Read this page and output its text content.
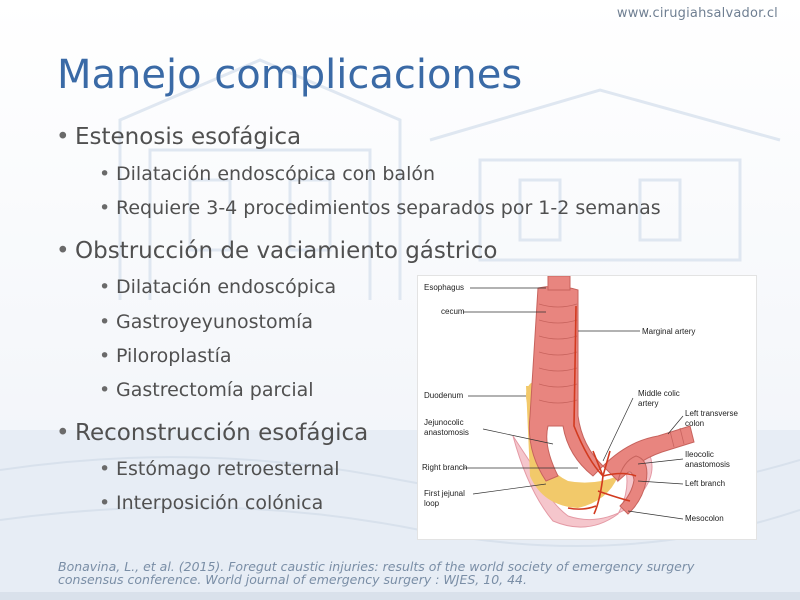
www.cirugiahsalvador.cl
Manejo complicaciones
• Estenosis esofágica
• Dilatación endoscópica con balón
• Requiere 3-4 procedimientos separados por 1-2 semanas
• Obstrucción de vaciamiento gástrico
• Dilatación endoscópica
• Gastroyeyunostomía
• Piloroplastía
• Gastrectomía parcial
• Reconstrucción esofágica
• Estómago retroesternal
• Interposición colónica
Esophagus
cecum
Marginal artery
Duodenum	Middle colic
artery
Jejunocolic
anastomosis
Left transverse
colon
Ileocolic
anastomosis
Right branch
Left branch
First jejunal
loop
Mesocolon
Bonavina, L., et al. (2015). Foregut caustic injuries: results of the world society of emergency surgery consensus conference. World journal of emergency surgery : WJES, 10, 44.
